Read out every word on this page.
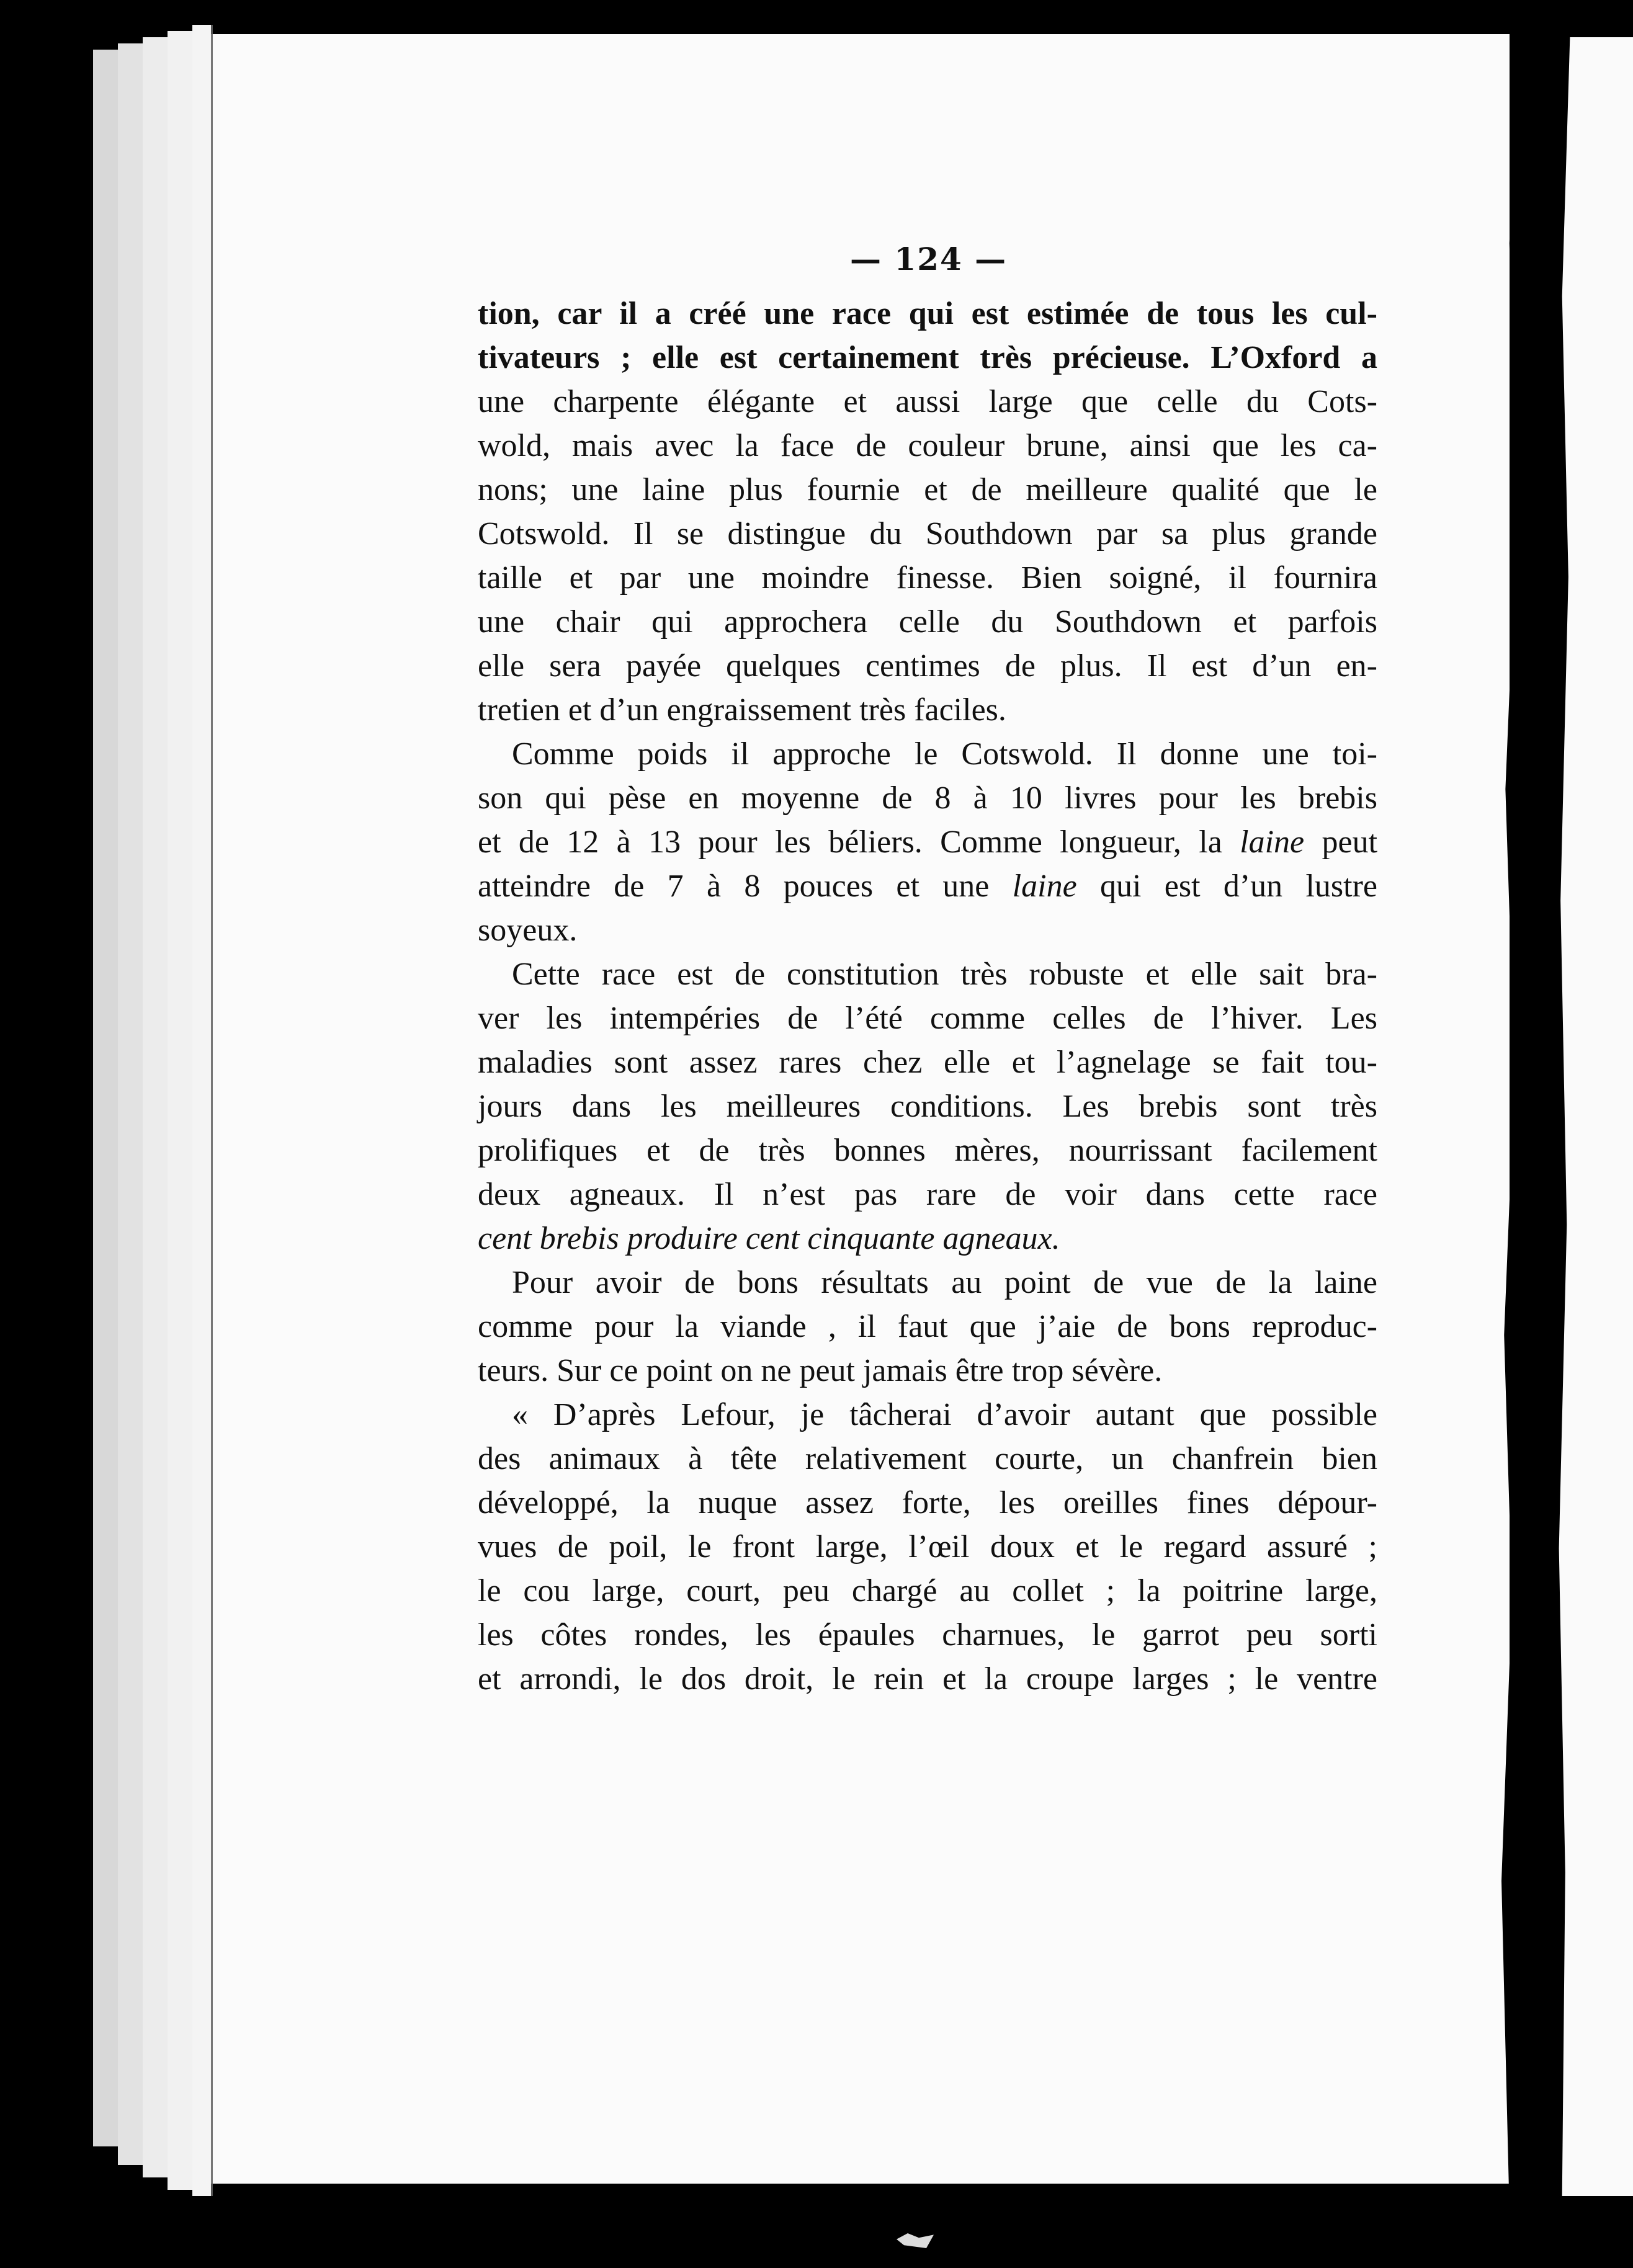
— 124 —
tion, car il a créé une race qui est estimée de tous les cul-
tivateurs ; elle est certainement très précieuse. L’Oxford a
une charpente élégante et aussi large que celle du Cots-
wold, mais avec la face de couleur brune, ainsi que les ca-
nons; une laine plus fournie et de meilleure qualité que le
Cotswold. Il se distingue du Southdown par sa plus grande
taille et par une moindre finesse. Bien soigné, il fournira
une chair qui approchera celle du Southdown et parfois
elle sera payée quelques centimes de plus. Il est d’un en-
tretien et d’un engraissement très faciles.
Comme poids il approche le Cotswold. Il donne une toi-
son qui pèse en moyenne de 8 à 10 livres pour les brebis
et de 12 à 13 pour les béliers. Comme longueur, la laine peut
atteindre de 7 à 8 pouces et une laine qui est d’un lustre
soyeux.
Cette race est de constitution très robuste et elle sait bra-
ver les intempéries de l’été comme celles de l’hiver. Les
maladies sont assez rares chez elle et l’agnelage se fait tou-
jours dans les meilleures conditions. Les brebis sont très
prolifiques et de très bonnes mères, nourrissant facilement
deux agneaux. Il n’est pas rare de voir dans cette race
cent brebis produire cent cinquante agneaux.
Pour avoir de bons résultats au point de vue de la laine
comme pour la viande , il faut que j’aie de bons reproduc-
teurs. Sur ce point on ne peut jamais être trop sévère.
« D’après Lefour, je tâcherai d’avoir autant que possible
des animaux à tête relativement courte, un chanfrein bien
développé, la nuque assez forte, les oreilles fines dépour-
vues de poil, le front large, l’œil doux et le regard assuré ;
le cou large, court, peu chargé au collet ; la poitrine large,
les côtes rondes, les épaules charnues, le garrot peu sorti
et arrondi, le dos droit, le rein et la croupe larges ; le ventre
